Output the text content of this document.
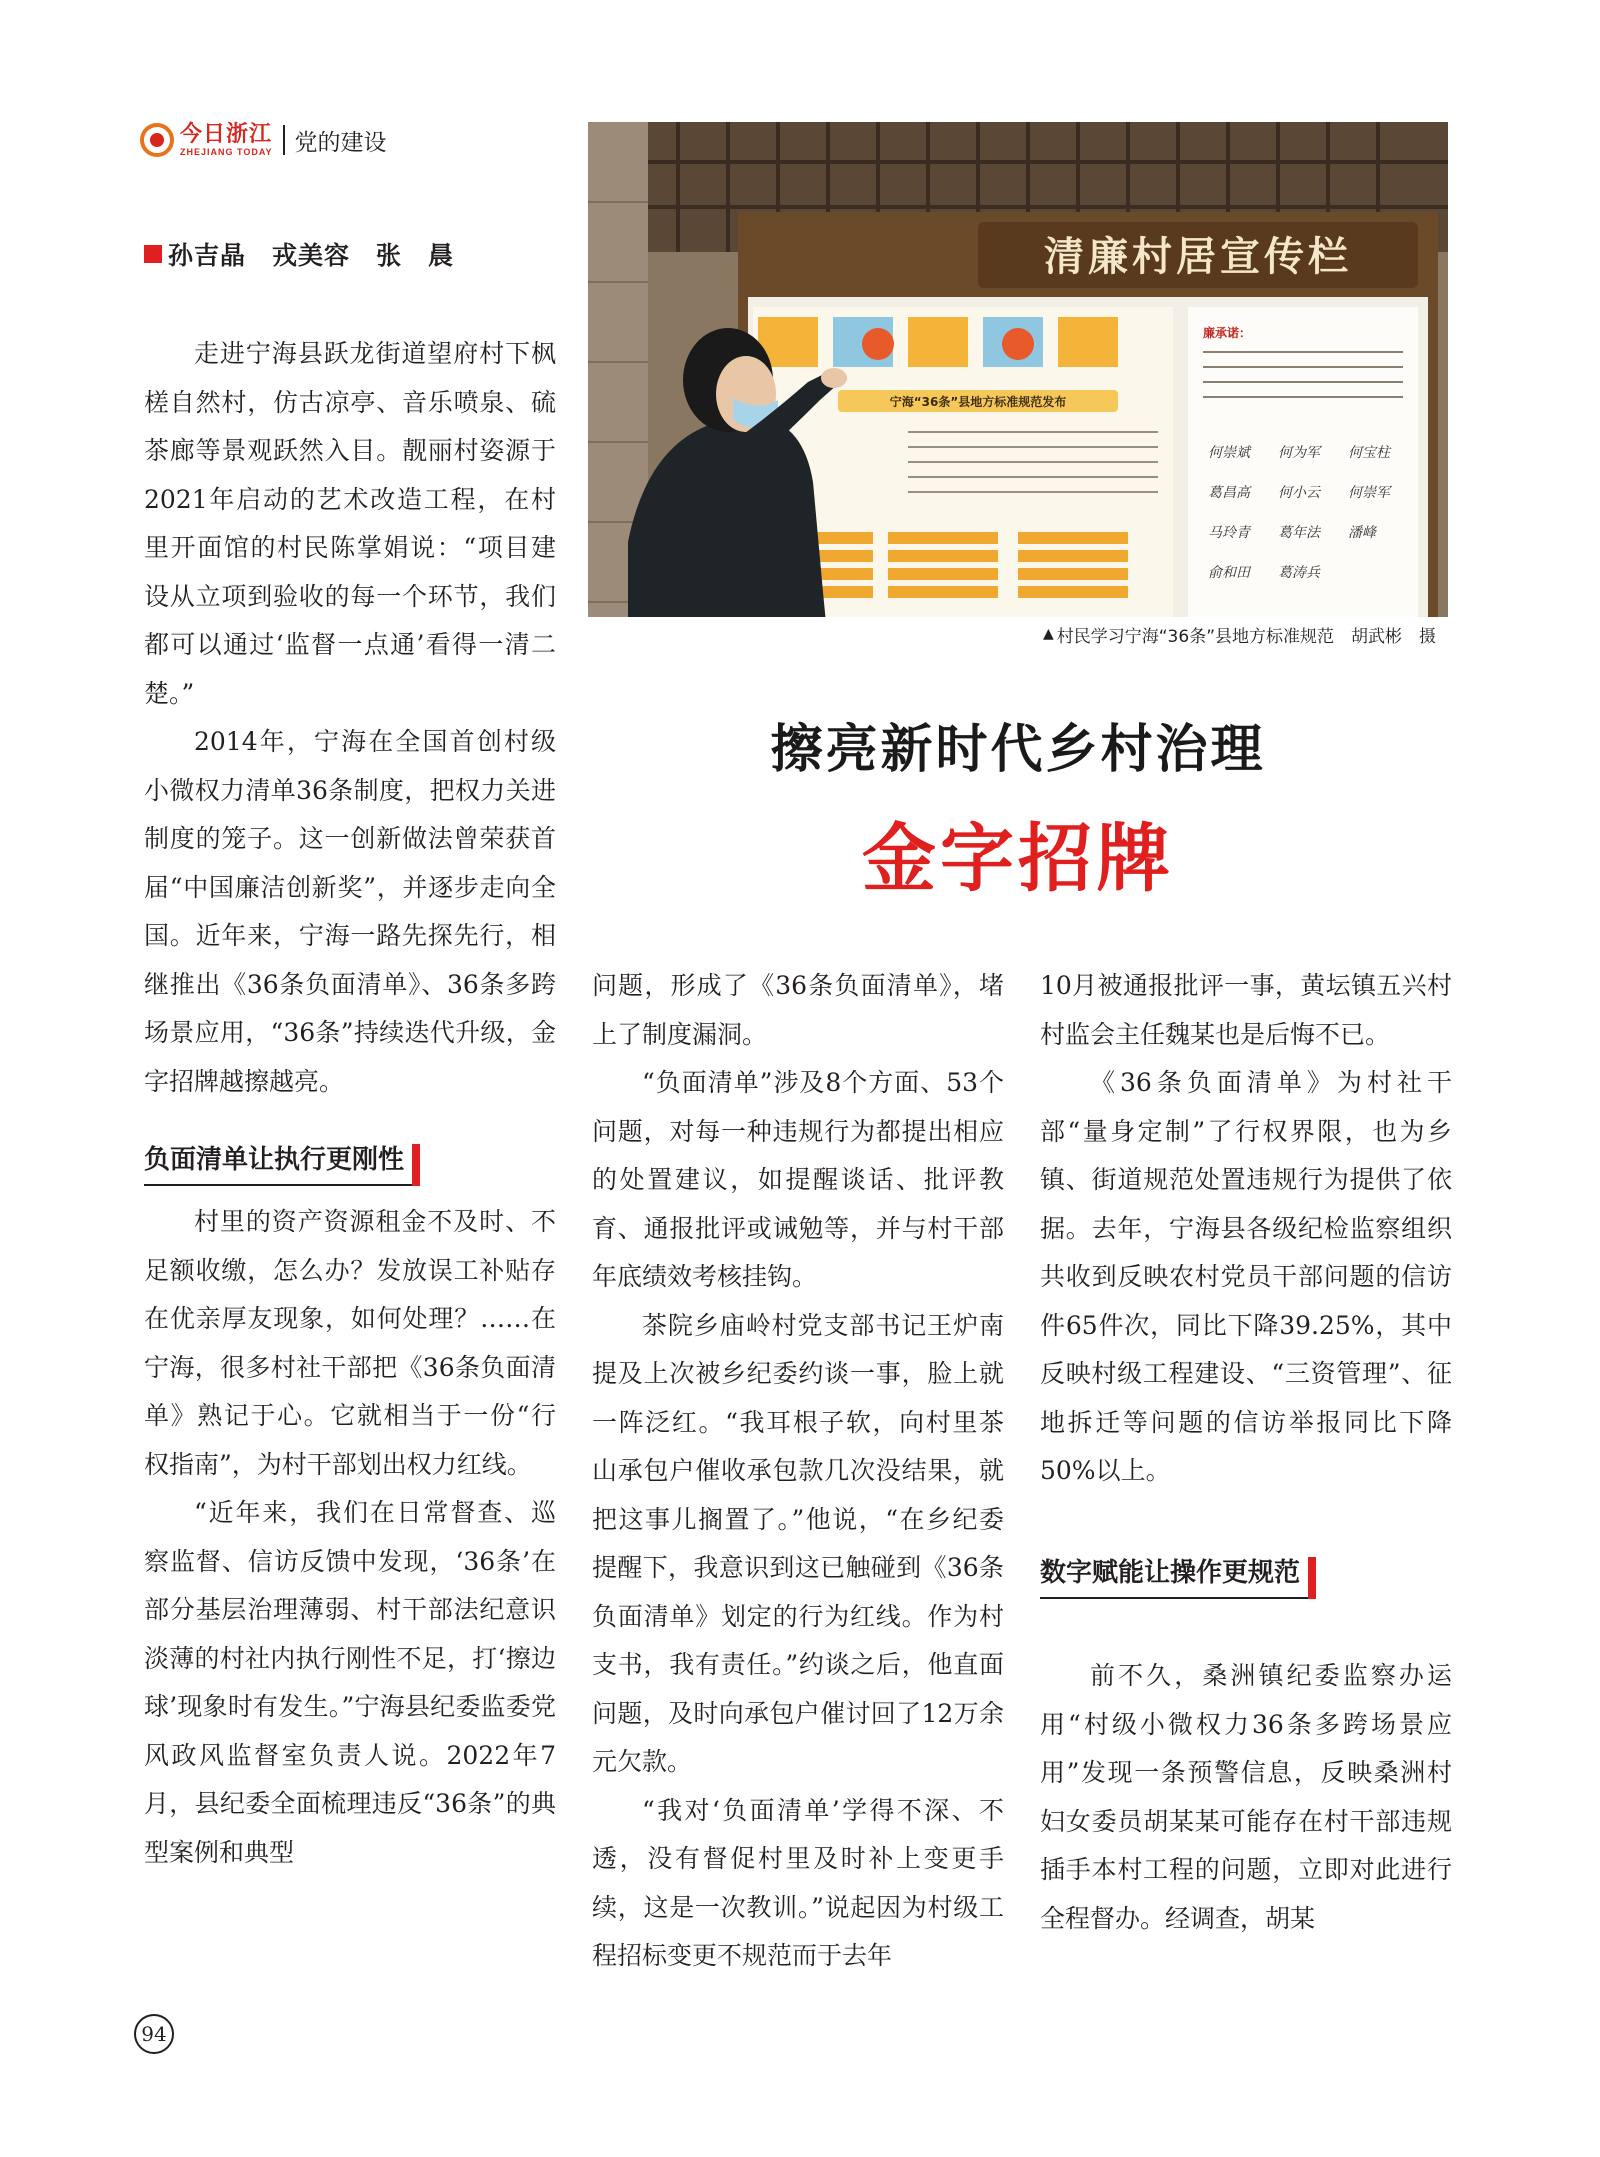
今日浙江
ZHEJIANG TODAY 党的建设
孙吉晶　戎美容　张　晨	清廉村居宣传栏
宁海“36条”县地方标准规范发布
廉承诺：
何崇斌 何为军 何宝柱
葛昌高 何小云 何崇军
马玲青 葛年法 潘峰
俞和田 葛涛兵
▲ 村民学习宁海“36条”县地方标准规范　胡武彬　摄
擦亮新时代乡村治理
金字招牌

走进宁海县跃龙街道望府村下枫槎自然村，仿古凉亭、音乐喷泉、硫茶廊等景观跃然入目。靓丽村姿源于2021年启动的艺术改造工程，在村里开面馆的村民陈掌娟说：“项目建设从立项到验收的每一个环节，我们都可以通过‘监督一点通’看得一清二楚。”

2014年，宁海在全国首创村级小微权力清单36条制度，把权力关进制度的笼子。这一创新做法曾荣获首届“中国廉洁创新奖”，并逐步走向全国。近年来，宁海一路先探先行，相继推出《36条负面清单》、36条多跨场景应用，“36条”持续迭代升级，金字招牌越擦越亮。

负面清单让执行更刚性

村里的资产资源租金不及时、不足额收缴，怎么办？发放误工补贴存在优亲厚友现象，如何处理？……在宁海，很多村社干部把《36条负面清单》熟记于心。它就相当于一份“行权指南”，为村干部划出权力红线。

“近年来，我们在日常督查、巡察监督、信访反馈中发现，‘36条’在部分基层治理薄弱、村干部法纪意识淡薄的村社内执行刚性不足，打‘擦边球’现象时有发生。”宁海县纪委监委党风政风监督室负责人说。2022年7月，县纪委全面梳理违反“36条”的典型案例和典型

问题，形成了《36条负面清单》，堵上了制度漏洞。

“负面清单”涉及8个方面、53个问题，对每一种违规行为都提出相应的处置建议，如提醒谈话、批评教育、通报批评或诫勉等，并与村干部年底绩效考核挂钩。

茶院乡庙岭村党支部书记王炉南提及上次被乡纪委约谈一事，脸上就一阵泛红。“我耳根子软，向村里茶山承包户催收承包款几次没结果，就把这事儿搁置了。”他说，“在乡纪委提醒下，我意识到这已触碰到《36条负面清单》划定的行为红线。作为村支书，我有责任。”约谈之后，他直面问题，及时向承包户催讨回了12万余元欠款。

“我对‘负面清单’学得不深、不透，没有督促村里及时补上变更手续，这是一次教训。”说起因为村级工程招标变更不规范而于去年

10月被通报批评一事，黄坛镇五兴村村监会主任魏某也是后悔不已。

《36条负面清单》为村社干部“量身定制”了行权界限，也为乡镇、街道规范处置违规行为提供了依据。去年，宁海县各级纪检监察组织共收到反映农村党员干部问题的信访件65件次，同比下降39.25%，其中反映村级工程建设、“三资管理”、征地拆迁等问题的信访举报同比下降50%以上。

数字赋能让操作更规范

前不久，桑洲镇纪委监察办运用“村级小微权力36条多跨场景应用”发现一条预警信息，反映桑洲村妇女委员胡某某可能存在村干部违规插手本村工程的问题，立即对此进行全程督办。经调查，胡某

94
